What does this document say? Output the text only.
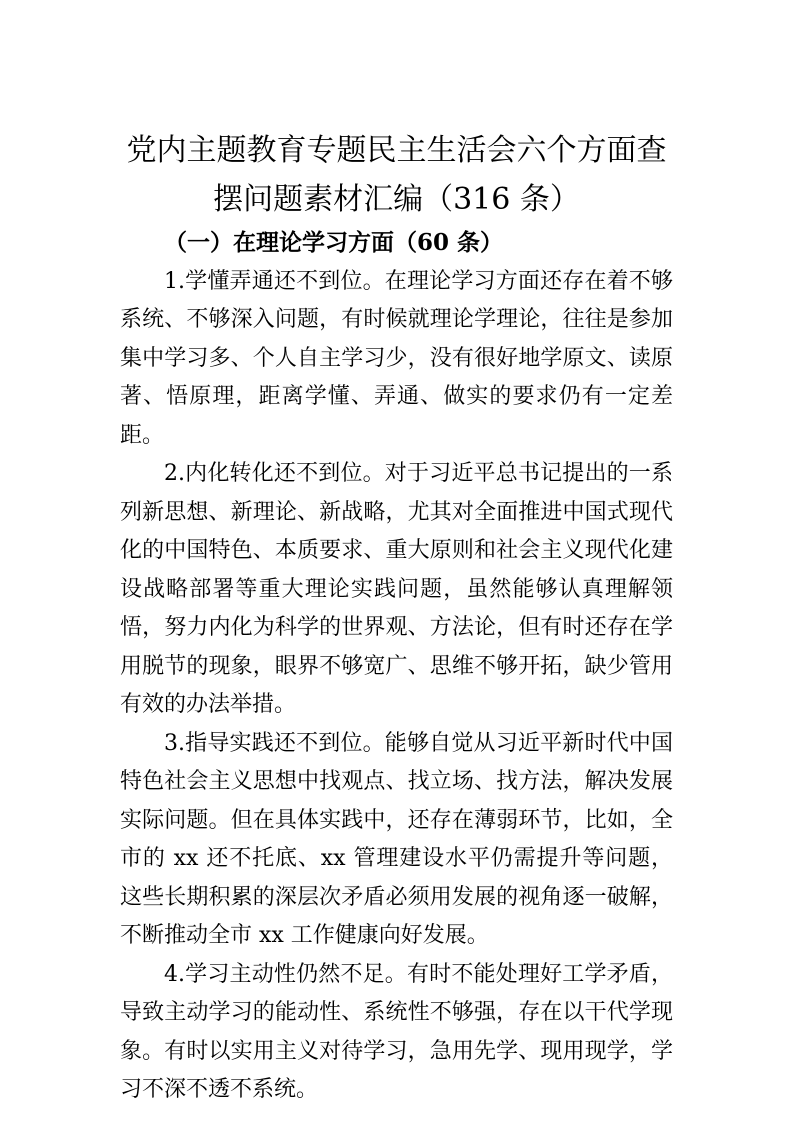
党内主题教育专题民主生活会六个方面查
摆问题素材汇编（316 条）
（一）在理论学习方面（60 条）

1.学懂弄通还不到位。在理论学习方面还存在着不够系统、不够深入问题，有时候就理论学理论，往往是参加集中学习多、个人自主学习少，没有很好地学原文、读原著、悟原理，距离学懂、弄通、做实的要求仍有一定差距。

2.内化转化还不到位。对于习近平总书记提出的一系列新思想、新理论、新战略，尤其对全面推进中国式现代化的中国特色、本质要求、重大原则和社会主义现代化建设战略部署等重大理论实践问题，虽然能够认真理解领悟，努力内化为科学的世界观、方法论，但有时还存在学用脱节的现象，眼界不够宽广、思维不够开拓，缺少管用有效的办法举措。

3.指导实践还不到位。能够自觉从习近平新时代中国特色社会主义思想中找观点、找立场、找方法，解决发展实际问题。但在具体实践中，还存在薄弱环节，比如，全市的 xx 还不托底、xx 管理建设水平仍需提升等问题，这些长期积累的深层次矛盾必须用发展的视角逐一破解，不断推动全市 xx 工作健康向好发展。

4.学习主动性仍然不足。有时不能处理好工学矛盾，导致主动学习的能动性、系统性不够强，存在以干代学现象。有时以实用主义对待学习，急用先学、现用现学，学习不深不透不系统。
